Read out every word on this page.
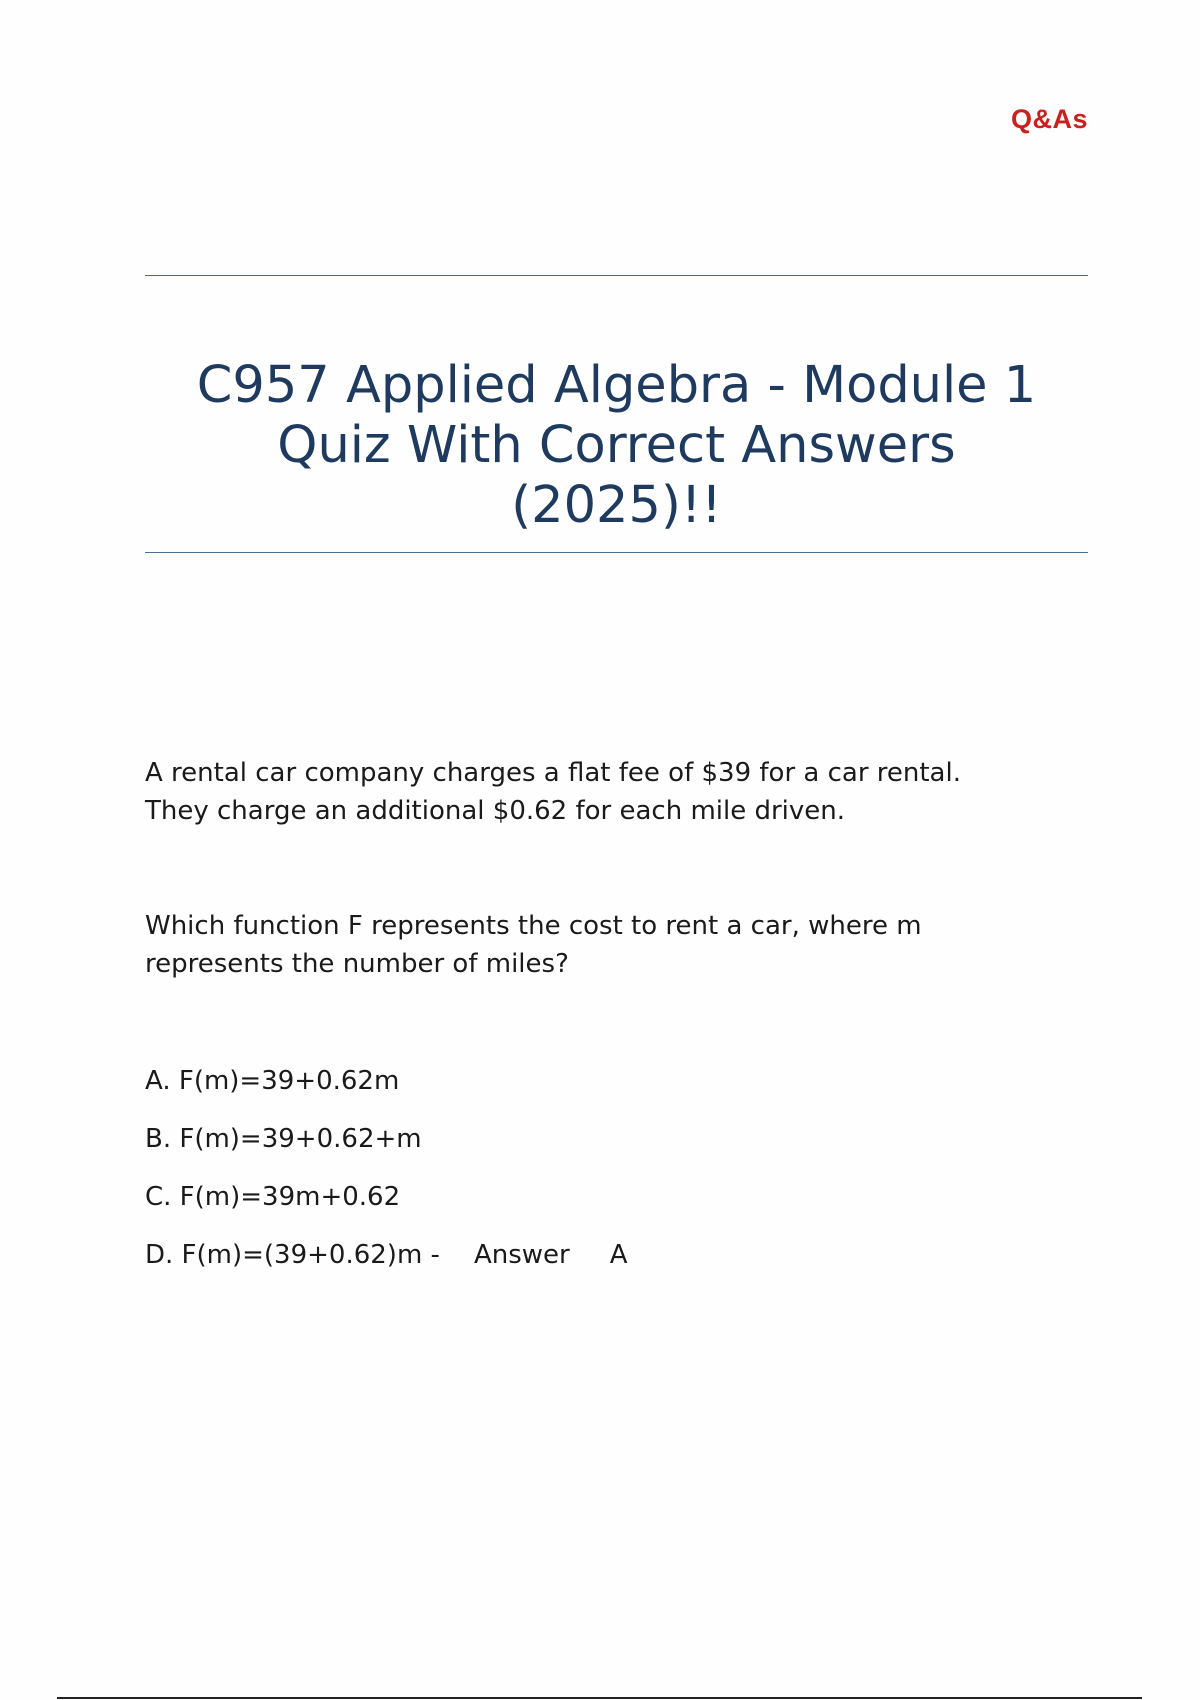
Q&As
C957 Applied Algebra - Module 1
Quiz With Correct Answers
(2025)!!

A rental car company charges a flat fee of $39 for a car rental.
They charge an additional $0.62 for each mile driven.

Which function F represents the cost to rent a car, where m
represents the number of miles?

A. F(m)=39+0.62m
B. F(m)=39+0.62+m
C. F(m)=39m+0.62
D. F(m)=(39+0.62)m - Answer A
